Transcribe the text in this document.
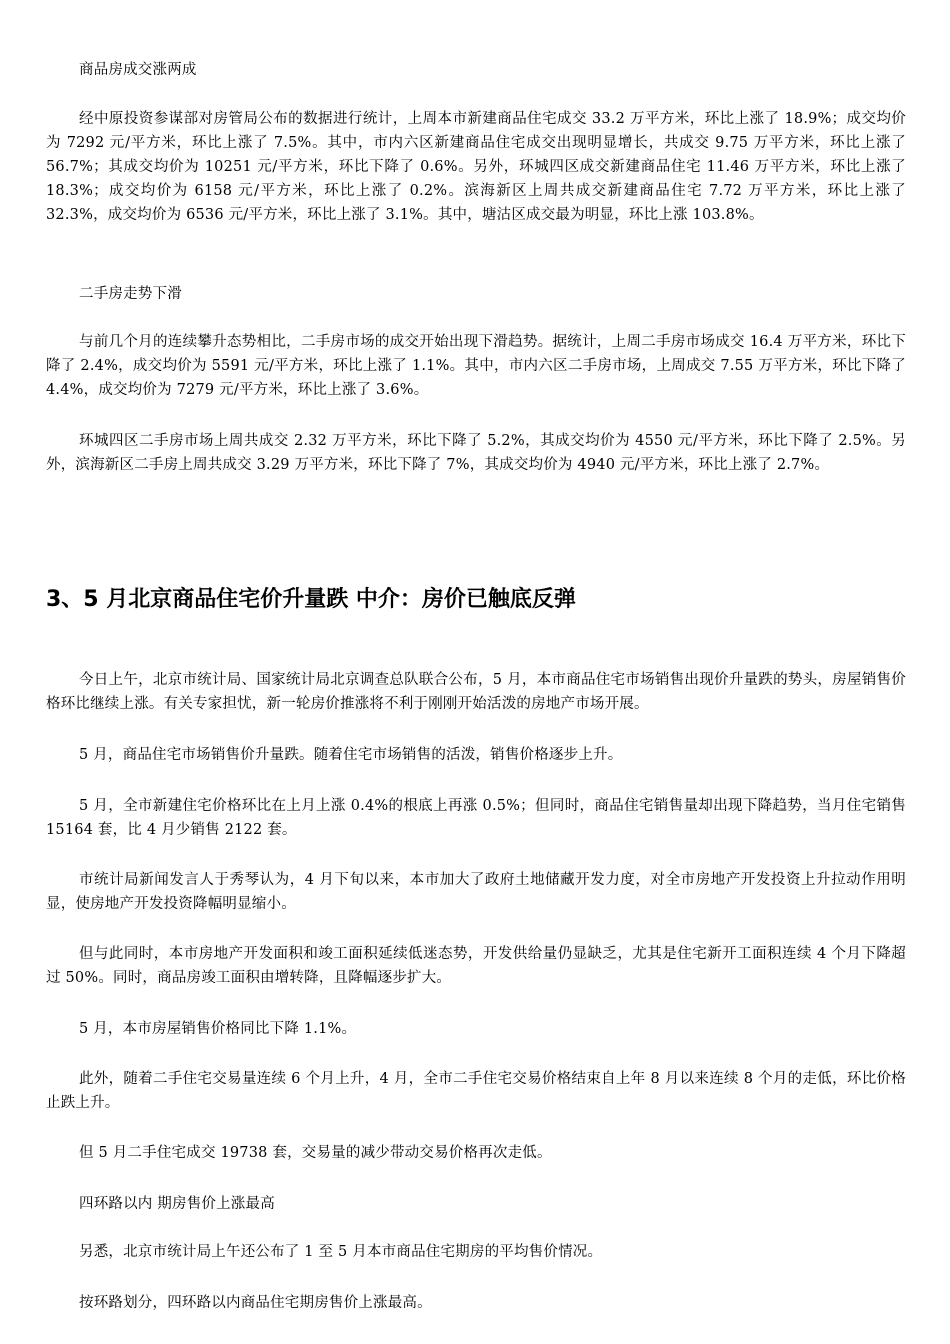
商品房成交涨两成

经中原投资参谋部对房管局公布的数据进行统计，上周本市新建商品住宅成交 33.2 万平方米，环比上涨了 18.9%；成交均价为 7292 元/平方米，环比上涨了 7.5%。其中，市内六区新建商品住宅成交出现明显增长，共成交 9.75 万平方米，环比上涨了 56.7%；其成交均价为 10251 元/平方米，环比下降了 0.6%。另外，环城四区成交新建商品住宅 11.46 万平方米，环比上涨了 18.3%；成交均价为 6158 元/平方米，环比上涨了 0.2%。滨海新区上周共成交新建商品住宅 7.72 万平方米，环比上涨了 32.3%，成交均价为 6536 元/平方米，环比上涨了 3.1%。其中，塘沽区成交最为明显，环比上涨 103.8%。

二手房走势下滑

与前几个月的连续攀升态势相比，二手房市场的成交开始出现下滑趋势。据统计，上周二手房市场成交 16.4 万平方米，环比下降了 2.4%，成交均价为 5591 元/平方米，环比上涨了 1.1%。其中，市内六区二手房市场，上周成交 7.55 万平方米，环比下降了 4.4%，成交均价为 7279 元/平方米，环比上涨了 3.6%。

环城四区二手房市场上周共成交 2.32 万平方米，环比下降了 5.2%，其成交均价为 4550 元/平方米，环比下降了 2.5%。另外，滨海新区二手房上周共成交 3.29 万平方米，环比下降了 7%，其成交均价为 4940 元/平方米，环比上涨了 2.7%。

3、5 月北京商品住宅价升量跌 中介：房价已触底反弹

今日上午，北京市统计局、国家统计局北京调查总队联合公布，5 月，本市商品住宅市场销售出现价升量跌的势头，房屋销售价格环比继续上涨。有关专家担忧，新一轮房价推涨将不利于刚刚开始活泼的房地产市场开展。

5 月，商品住宅市场销售价升量跌。随着住宅市场销售的活泼，销售价格逐步上升。

5 月，全市新建住宅价格环比在上月上涨 0.4%的根底上再涨 0.5%；但同时，商品住宅销售量却出现下降趋势，当月住宅销售 15164 套，比 4 月少销售 2122 套。

市统计局新闻发言人于秀琴认为，4 月下旬以来，本市加大了政府土地储藏开发力度，对全市房地产开发投资上升拉动作用明显，使房地产开发投资降幅明显缩小。

但与此同时，本市房地产开发面积和竣工面积延续低迷态势，开发供给量仍显缺乏，尤其是住宅新开工面积连续 4 个月下降超过 50%。同时，商品房竣工面积由增转降，且降幅逐步扩大。

5 月，本市房屋销售价格同比下降 1.1%。

此外，随着二手住宅交易量连续 6 个月上升，4 月，全市二手住宅交易价格结束自上年 8 月以来连续 8 个月的走低，环比价格止跌上升。

但 5 月二手住宅成交 19738 套，交易量的减少带动交易价格再次走低。

四环路以内 期房售价上涨最高

另悉，北京市统计局上午还公布了 1 至 5 月本市商品住宅期房的平均售价情况。

按环路划分，四环路以内商品住宅期房售价上涨最高。
